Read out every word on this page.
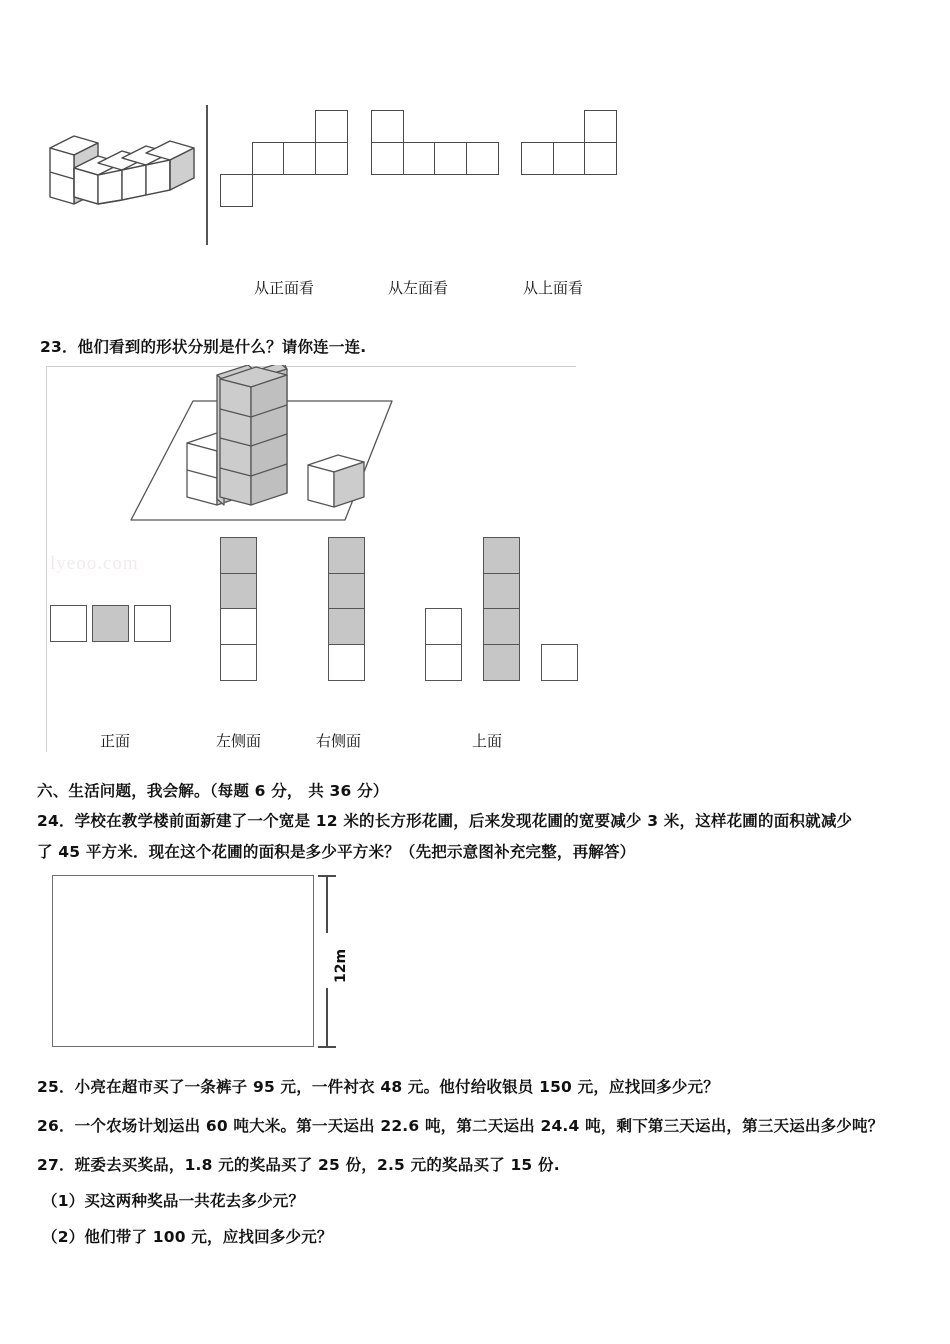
从正面看	从左面看	从上面看
23．他们看到的形状分别是什么？请你连一连.
lyeoo.com
正面	左侧面	右侧面	上面
六、生活问题，我会解。（每题 6 分， 共 36 分）
24．学校在教学楼前面新建了一个宽是 12 米的长方形花圃，后来发现花圃的宽要减少 3 米，这样花圃的面积就减少
了 45 平方米．现在这个花圃的面积是多少平方米？（先把示意图补充完整，再解答）
12m
25．小亮在超市买了一条裤子 95 元，一件衬衣 48 元。他付给收银员 150 元，应找回多少元？
26．一个农场计划运出 60 吨大米。第一天运出 22.6 吨，第二天运出 24.4 吨，剩下第三天运出，第三天运出多少吨？
27．班委去买奖品，1.8 元的奖品买了 25 份，2.5 元的奖品买了 15 份.
（1）买这两种奖品一共花去多少元？
（2）他们带了 100 元，应找回多少元？
